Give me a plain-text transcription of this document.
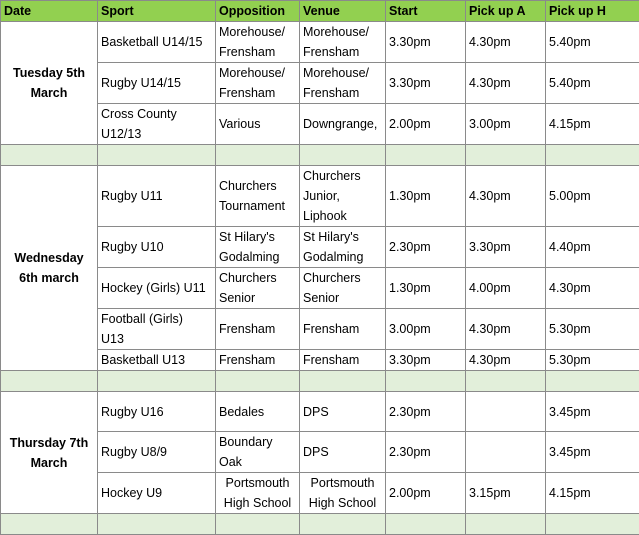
Date	Sport	Opposition	Venue	Start	Pick up A	Pick up H

Tuesday 5th
March	Basketball U14/15	Morehouse/
Frensham	Morehouse/
Frensham	3.30pm	4.30pm	5.40pm

	Rugby U14/15	Morehouse/
Frensham	Morehouse/
Frensham	3.30pm	4.30pm	5.40pm

	Cross County
U12/13	Various	Downgrange,	2.00pm	3.00pm	4.15pm

Wednesday
6th march	Rugby U11	Churchers
Tournament	Churchers
Junior,
Liphook	1.30pm	4.30pm	5.00pm

	Rugby U10	St Hilary's
Godalming	St Hilary's
Godalming	2.30pm	3.30pm	4.40pm

	Hockey (Girls) U11	Churchers
Senior	Churchers
Senior	1.30pm	4.00pm	4.30pm

	Football (Girls)
U13	Frensham	Frensham	3.00pm	4.30pm	5.30pm

	Basketball U13	Frensham	Frensham	3.30pm	4.30pm	5.30pm

Thursday 7th
March	Rugby U16	Bedales	DPS	2.30pm		3.45pm

	Rugby U8/9	Boundary
Oak	DPS	2.30pm		3.45pm

	Hockey U9	Portsmouth
High School	Portsmouth
High School	2.00pm	3.15pm	4.15pm
